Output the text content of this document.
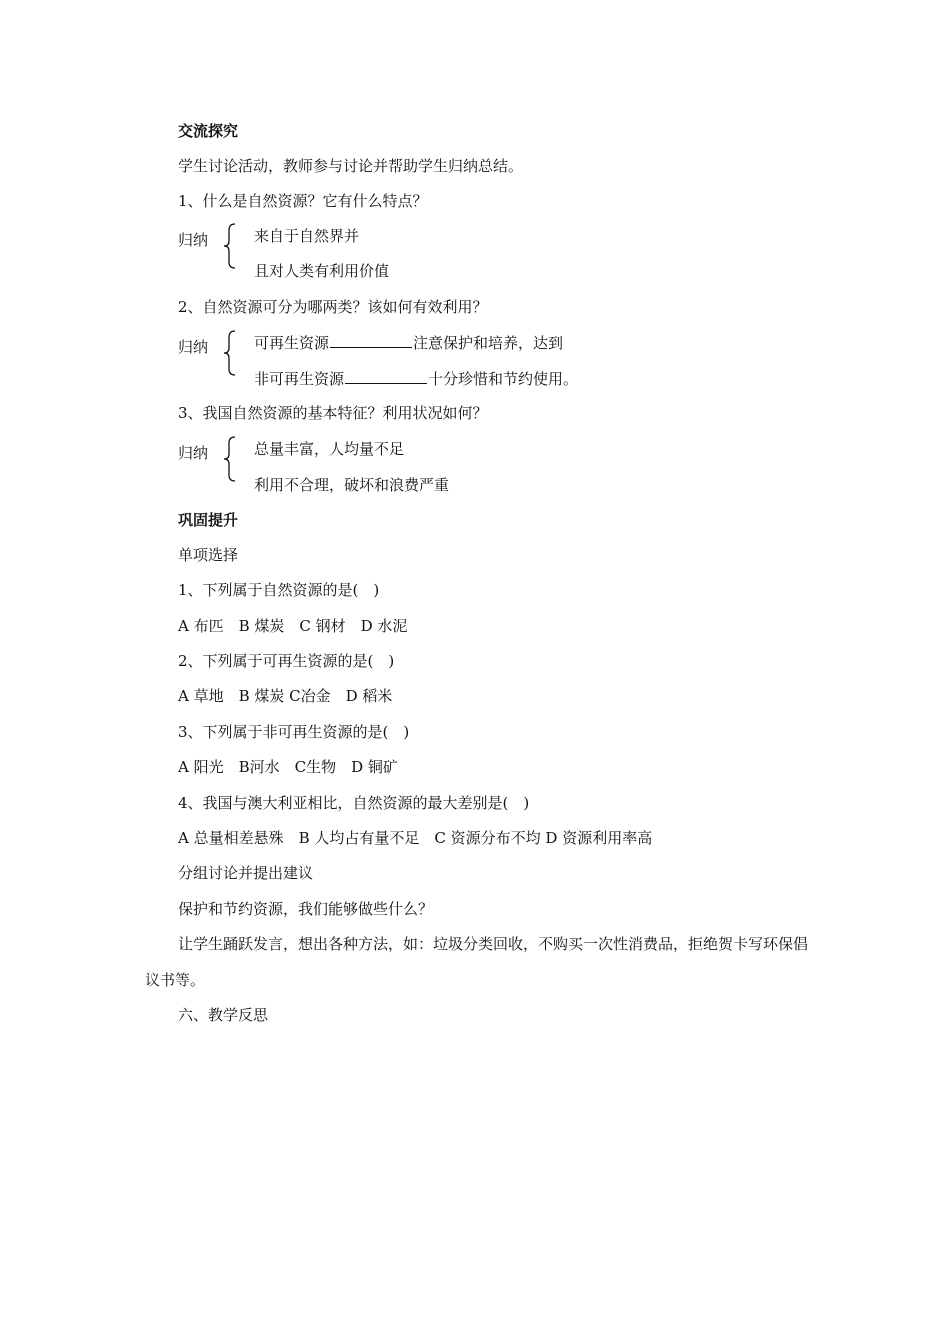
交流探究
学生讨论活动，教师参与讨论并帮助学生归纳总结。
1、什么是自然资源？它有什么特点？
归纳	来自于自然界并
且对人类有利用价值
2、自然资源可分为哪两类？该如何有效利用？
归纳	可再生资源	注意保护和培养，达到
非可再生资源	十分珍惜和节约使用。
3、我国自然资源的基本特征？利用状况如何？
归纳	总量丰富，人均量不足
利用不合理，破坏和浪费严重
巩固提升
单项选择
1、下列属于自然资源的是(　)
A 布匹　B 煤炭　C 钢材　D 水泥
2、下列属于可再生资源的是(　)
A 草地　B 煤炭 C冶金　D 稻米
3、下列属于非可再生资源的是(　)
A 阳光　B河水　C生物　D 铜矿
4、我国与澳大利亚相比，自然资源的最大差别是(　)
A 总量相差悬殊　B 人均占有量不足　C 资源分布不均 D 资源利用率高
分组讨论并提出建议
保护和节约资源，我们能够做些什么？
让学生踊跃发言，想出各种方法，如：垃圾分类回收，不购买一次性消费品，拒绝贺卡写环保倡议书等。
六、教学反思
